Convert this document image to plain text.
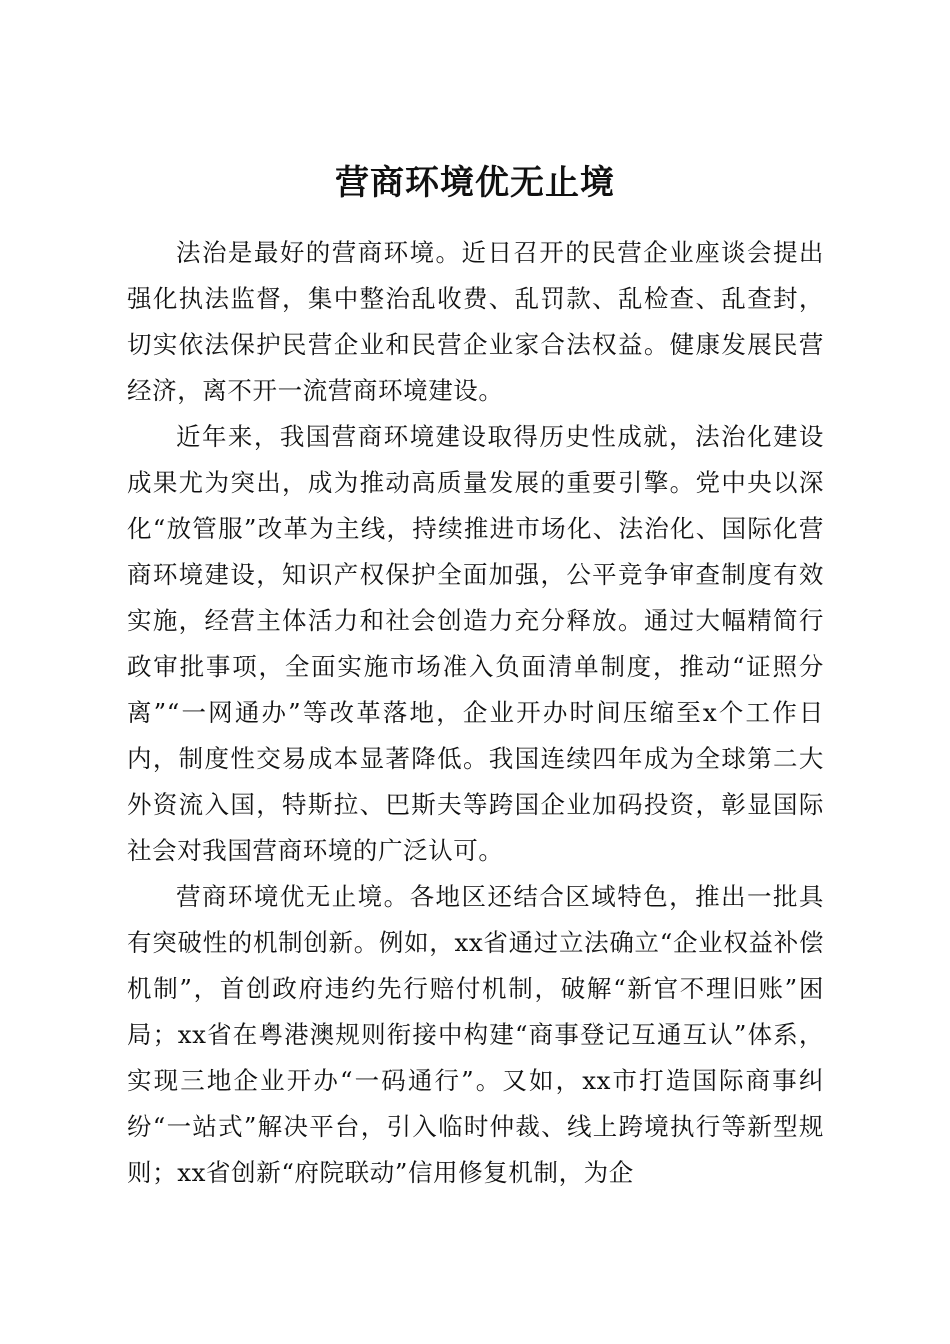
营商环境优无止境

法治是最好的营商环境。近日召开的民营企业座谈会提出强化执法监督，集中整治乱收费、乱罚款、乱检查、乱查封，切实依法保护民营企业和民营企业家合法权益。健康发展民营经济，离不开一流营商环境建设。

近年来，我国营商环境建设取得历史性成就，法治化建设成果尤为突出，成为推动高质量发展的重要引擎。党中央以深化“放管服”改革为主线，持续推进市场化、法治化、国际化营商环境建设，知识产权保护全面加强，公平竞争审查制度有效实施，经营主体活力和社会创造力充分释放。通过大幅精简行政审批事项，全面实施市场准入负面清单制度，推动“证照分离”“一网通办”等改革落地，企业开办时间压缩至x个工作日内，制度性交易成本显著降低。我国连续四年成为全球第二大外资流入国，特斯拉、巴斯夫等跨国企业加码投资，彰显国际社会对我国营商环境的广泛认可。

营商环境优无止境。各地区还结合区域特色，推出一批具有突破性的机制创新。例如，xx省通过立法确立“企业权益补偿机制”，首创政府违约先行赔付机制，破解“新官不理旧账”困局；xx省在粤港澳规则衔接中构建“商事登记互通互认”体系，实现三地企业开办“一码通行”。又如，xx市打造国际商事纠纷“一站式”解决平台，引入临时仲裁、线上跨境执行等新型规则；xx省创新“府院联动”信用修复机制，为企
